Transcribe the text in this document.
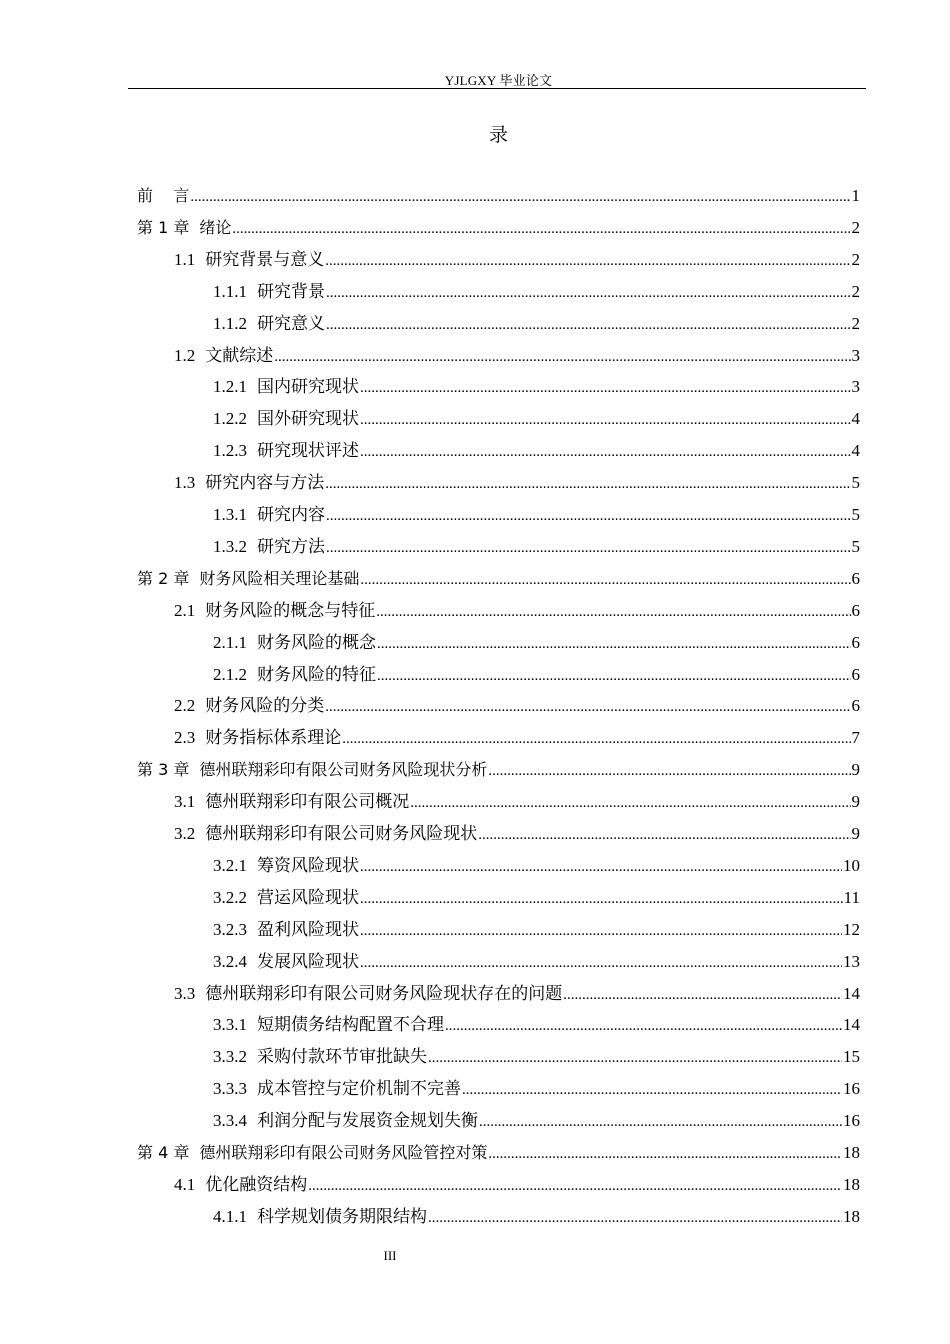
YJLGXY 毕业论文
录
前    言 .....	1
第 1 章 绪论 .....	2
1.1 研究背景与意义 .....	2
1.1.1 研究背景 .....	2
1.1.2 研究意义 .....	2
1.2 文献综述 .....	3
1.2.1 国内研究现状 .....	3
1.2.2 国外研究现状 .....	4
1.2.3 研究现状评述 .....	4
1.3 研究内容与方法 .....	5
1.3.1 研究内容 .....	5
1.3.2 研究方法 .....	5
第 2 章 财务风险相关理论基础 .....	6
2.1 财务风险的概念与特征 .....	6
2.1.1 财务风险的概念 .....	6
2.1.2 财务风险的特征 .....	6
2.2 财务风险的分类 .....	6
2.3 财务指标体系理论 .....	7
第 3 章 德州联翔彩印有限公司财务风险现状分析 .....	9
3.1 德州联翔彩印有限公司概况 .....	9
3.2 德州联翔彩印有限公司财务风险现状 .....	9
3.2.1 筹资风险现状 .....	10
3.2.2 营运风险现状 .....	11
3.2.3 盈利风险现状 .....	12
3.2.4 发展风险现状 .....	13
3.3 德州联翔彩印有限公司财务风险现状存在的问题 .....	14
3.3.1 短期债务结构配置不合理 .....	14
3.3.2 采购付款环节审批缺失 .....	15
3.3.3 成本管控与定价机制不完善 .....	16
3.3.4 利润分配与发展资金规划失衡 .....	16
第 4 章 德州联翔彩印有限公司财务风险管控对策 .....	18
4.1 优化融资结构 .....	18
4.1.1 科学规划债务期限结构 .....	18
III
